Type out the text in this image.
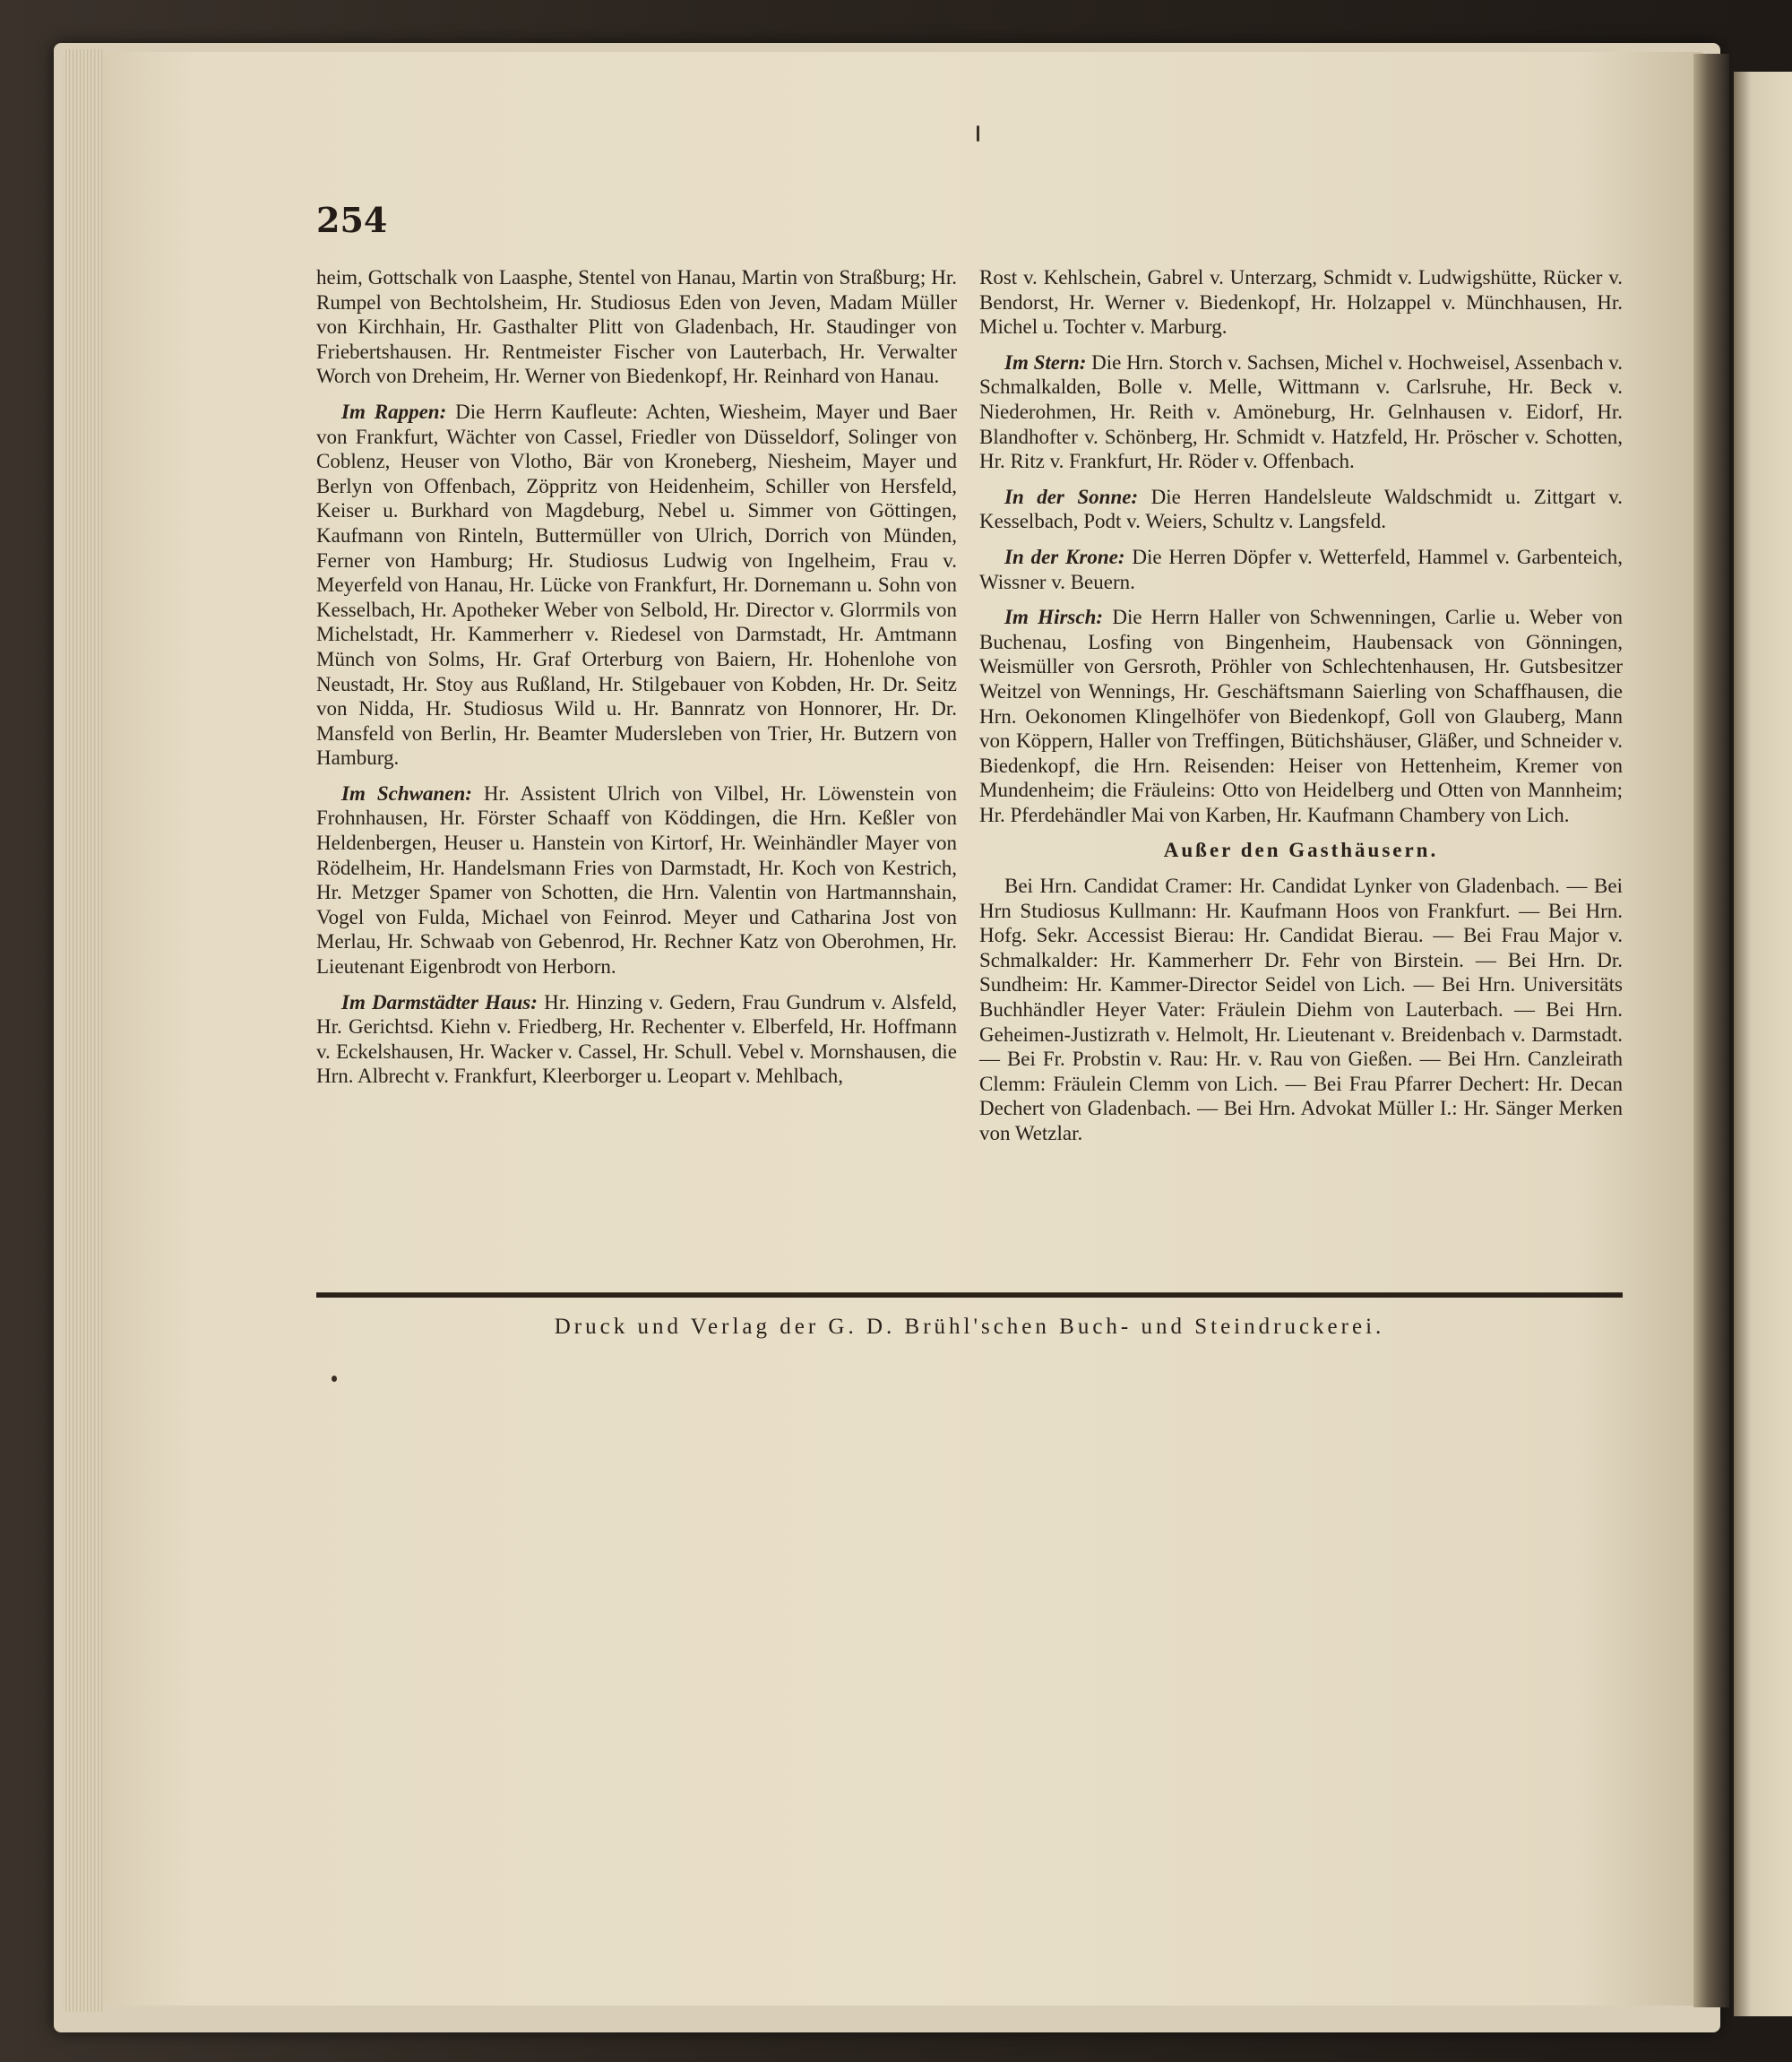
254

heim, Gottschalk von Laasphe, Stentel von Hanau, Martin von Straßburg; Hr. Rumpel von Bechtolsheim, Hr. Studiosus Eden von Jeven, Madam Müller von Kirchhain, Hr. Gasthalter Plitt von Gladenbach, Hr. Staudinger von Friebertshausen. Hr. Rentmeister Fischer von Lauterbach, Hr. Verwalter Worch von Dreheim, Hr. Werner von Biedenkopf, Hr. Reinhard von Hanau.

Im Rappen: Die Herrn Kaufleute: Achten, Wiesheim, Mayer und Baer von Frankfurt, Wächter von Cassel, Friedler von Düsseldorf, Solinger von Coblenz, Heuser von Vlotho, Bär von Kroneberg, Niesheim, Mayer und Berlyn von Offenbach, Zöppritz von Heidenheim, Schiller von Hersfeld, Keiser u. Burkhard von Magdeburg, Nebel u. Simmer von Göttingen, Kaufmann von Rinteln, Buttermüller von Ulrich, Dorrich von Münden, Ferner von Hamburg; Hr. Studiosus Ludwig von Ingelheim, Frau v. Meyerfeld von Hanau, Hr. Lücke von Frankfurt, Hr. Dornemann u. Sohn von Kesselbach, Hr. Apotheker Weber von Selbold, Hr. Director v. Glorrmils von Michelstadt, Hr. Kammerherr v. Riedesel von Darmstadt, Hr. Amtmann Münch von Solms, Hr. Graf Orterburg von Baiern, Hr. Hohenlohe von Neustadt, Hr. Stoy aus Rußland, Hr. Stilgebauer von Kobden, Hr. Dr. Seitz von Nidda, Hr. Studiosus Wild u. Hr. Bannratz von Honnorer, Hr. Dr. Mansfeld von Berlin, Hr. Beamter Mudersleben von Trier, Hr. Butzern von Hamburg.

Im Schwanen: Hr. Assistent Ulrich von Vilbel, Hr. Löwenstein von Frohnhausen, Hr. Förster Schaaff von Köddingen, die Hrn. Keßler von Heldenbergen, Heuser u. Hanstein von Kirtorf, Hr. Weinhändler Mayer von Rödelheim, Hr. Handelsmann Fries von Darmstadt, Hr. Koch von Kestrich, Hr. Metzger Spamer von Schotten, die Hrn. Valentin von Hartmannshain, Vogel von Fulda, Michael von Feinrod. Meyer und Catharina Jost von Merlau, Hr. Schwaab von Gebenrod, Hr. Rechner Katz von Oberohmen, Hr. Lieutenant Eigenbrodt von Herborn.

Im Darmstädter Haus: Hr. Hinzing v. Gedern, Frau Gundrum v. Alsfeld, Hr. Gerichtsd. Kiehn v. Friedberg, Hr. Rechenter v. Elberfeld, Hr. Hoffmann v. Eckelshausen, Hr. Wacker v. Cassel, Hr. Schull. Vebel v. Mornshausen, die Hrn. Albrecht v. Frankfurt, Kleerborger u. Leopart v. Mehlbach,

Rost v. Kehlschein, Gabrel v. Unterzarg, Schmidt v. Ludwigshütte, Rücker v. Bendorst, Hr. Werner v. Biedenkopf, Hr. Holzappel v. Münchhausen, Hr. Michel u. Tochter v. Marburg.

Im Stern: Die Hrn. Storch v. Sachsen, Michel v. Hochweisel, Assenbach v. Schmalkalden, Bolle v. Melle, Wittmann v. Carlsruhe, Hr. Beck v. Niederohmen, Hr. Reith v. Amöneburg, Hr. Gelnhausen v. Eidorf, Hr. Blandhofter v. Schönberg, Hr. Schmidt v. Hatzfeld, Hr. Pröscher v. Schotten, Hr. Ritz v. Frankfurt, Hr. Röder v. Offenbach.

In der Sonne: Die Herren Handelsleute Waldschmidt u. Zittgart v. Kesselbach, Podt v. Weiers, Schultz v. Langsfeld.

In der Krone: Die Herren Döpfer v. Wetterfeld, Hammel v. Garbenteich, Wissner v. Beuern.

Im Hirsch: Die Herrn Haller von Schwenningen, Carlie u. Weber von Buchenau, Losfing von Bingenheim, Haubensack von Gönningen, Weismüller von Gersroth, Pröhler von Schlechtenhausen, Hr. Gutsbesitzer Weitzel von Wennings, Hr. Geschäftsmann Saierling von Schaffhausen, die Hrn. Oekonomen Klingelhöfer von Biedenkopf, Goll von Glauberg, Mann von Köppern, Haller von Treffingen, Bütichshäuser, Gläßer, und Schneider v. Biedenkopf, die Hrn. Reisenden: Heiser von Hettenheim, Kremer von Mundenheim; die Fräuleins: Otto von Heidelberg und Otten von Mannheim; Hr. Pferdehändler Mai von Karben, Hr. Kaufmann Chambery von Lich.

Außer den Gasthäusern.

Bei Hrn. Candidat Cramer: Hr. Candidat Lynker von Gladenbach. — Bei Hrn Studiosus Kullmann: Hr. Kaufmann Hoos von Frankfurt. — Bei Hrn. Hofg. Sekr. Accessist Bierau: Hr. Candidat Bierau. — Bei Frau Major v. Schmalkalder: Hr. Kammerherr Dr. Fehr von Birstein. — Bei Hrn. Dr. Sundheim: Hr. Kammer-Director Seidel von Lich. — Bei Hrn. Universitäts Buchhändler Heyer Vater: Fräulein Diehm von Lauterbach. — Bei Hrn. Geheimen-Justizrath v. Helmolt, Hr. Lieutenant v. Breidenbach v. Darmstadt. — Bei Fr. Probstin v. Rau: Hr. v. Rau von Gießen. — Bei Hrn. Canzleirath Clemm: Fräulein Clemm von Lich. — Bei Frau Pfarrer Dechert: Hr. Decan Dechert von Gladenbach. — Bei Hrn. Advokat Müller I.: Hr. Sänger Merken von Wetzlar.

Druck und Verlag der G. D. Brühl'schen Buch- und Steindruckerei.
